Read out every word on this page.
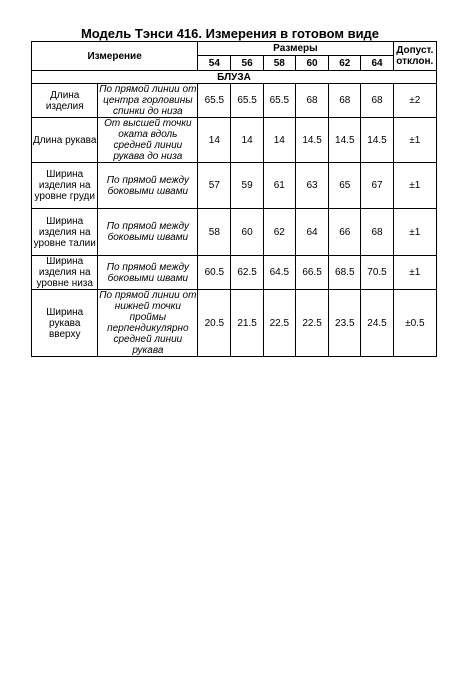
Модель Тэнси 416. Измерения в готовом виде
Измерение		Размеры						Допуст. отклон.
		54	56	58	60	62	64	
БЛУЗА								
Длина изделия	По прямой линии от центра горловины спинки до низа	65.5	65.5	65.5	68	68	68	±2
Длина рукава	От высшей точки оката вдоль средней линии рукава до низа	14	14	14	14.5	14.5	14.5	±1
Ширина изделия на уровне груди	По прямой между боковыми швами	57	59	61	63	65	67	±1
Ширина изделия на уровне талии	По прямой между боковыми швами	58	60	62	64	66	68	±1
Ширина изделия на уровне низа	По прямой между боковыми швами	60.5	62.5	64.5	66.5	68.5	70.5	±1
Ширина рукава вверху	По прямой линии от нижней точки проймы перпендикулярно средней линии рукава	20.5	21.5	22.5	22.5	23.5	24.5	±0.5
